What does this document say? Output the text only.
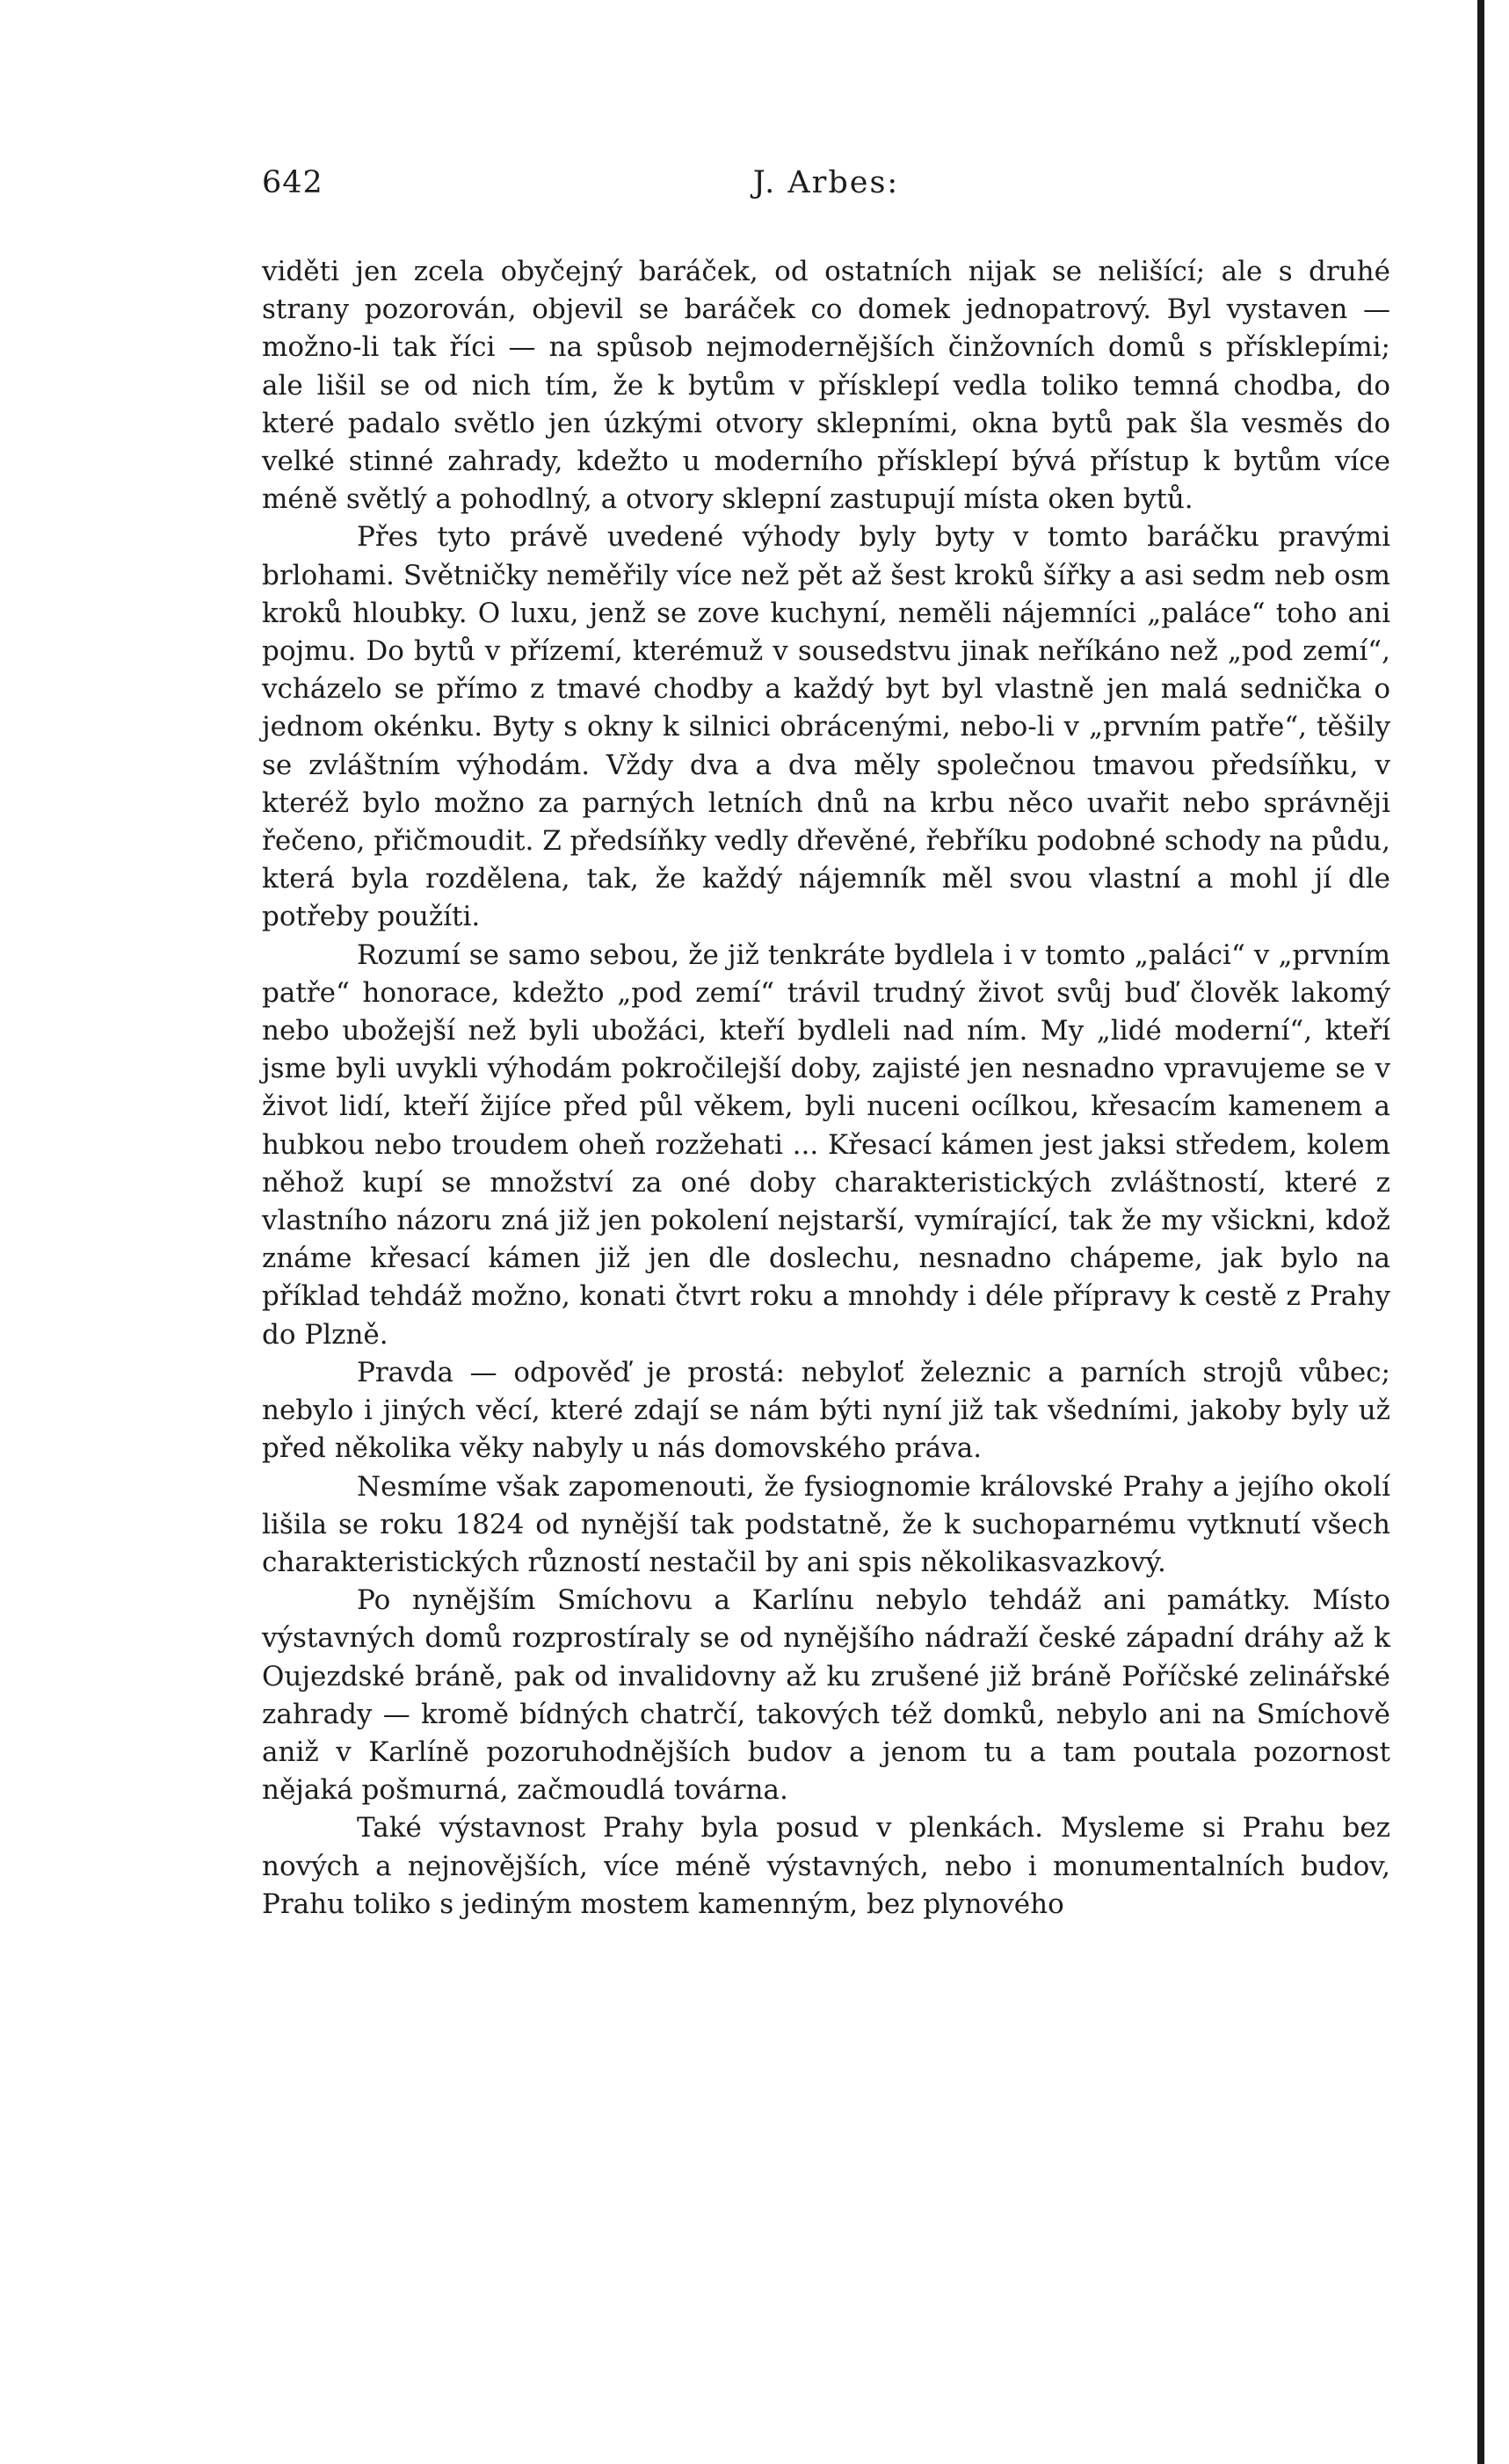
642	J. Arbes:

viděti jen zcela obyčejný baráček, od ostatních nijak se nelišící; ale s druhé strany pozorován, objevil se baráček co domek jednopatrový. Byl vystaven — možno-li tak říci — na spůsob nejmodernějších činžovních domů s přísklepími; ale lišil se od nich tím, že k bytům v přísklepí vedla toliko temná chodba, do které padalo světlo jen úzkými otvory sklepními, okna bytů pak šla vesměs do velké stinné zahrady, kdežto u moderního přísklepí bývá přístup k bytům více méně světlý a pohodlný, a otvory sklepní zastupují místa oken bytů.

Přes tyto právě uvedené výhody byly byty v tomto baráčku pravými brlohami. Světničky neměřily více než pět až šest kroků šířky a asi sedm neb osm kroků hloubky. O luxu, jenž se zove kuchyní, neměli nájemníci „paláce“ toho ani pojmu. Do bytů v přízemí, kterémuž v sousedstvu jinak neříkáno než „pod zemí“, vcházelo se přímo z tmavé chodby a každý byt byl vlastně jen malá sednička o jednom okénku. Byty s okny k silnici obrácenými, nebo-li v „prvním patře“, těšily se zvláštním výhodám. Vždy dva a dva měly společnou tmavou předsíňku, v kteréž bylo možno za parných letních dnů na krbu něco uvařit nebo správněji řečeno, přičmoudit. Z předsíňky vedly dřevěné, řebříku podobné schody na půdu, která byla rozdělena, tak, že každý nájemník měl svou vlastní a mohl jí dle potřeby použíti.

Rozumí se samo sebou, že již tenkráte bydlela i v tomto „paláci“ v „prvním patře“ honorace, kdežto „pod zemí“ trávil trudný život svůj buď člověk lakomý nebo ubožejší než byli ubožáci, kteří bydleli nad ním. My „lidé moderní“, kteří jsme byli uvykli výhodám pokročilejší doby, zajisté jen nesnadno vpravujeme se v život lidí, kteří žijíce před půl věkem, byli nuceni ocílkou, křesacím kamenem a hubkou nebo troudem oheň rozžehati ... Křesací kámen jest jaksi středem, kolem něhož kupí se množství za oné doby charakteristických zvláštností, které z vlastního názoru zná již jen pokolení nejstarší, vymírající, tak že my všickni, kdož známe křesací kámen již jen dle doslechu, nesnadno chápeme, jak bylo na příklad tehdáž možno, konati čtvrt roku a mnohdy i déle přípravy k cestě z Prahy do Plzně.

Pravda — odpověď je prostá: nebyloť železnic a parních strojů vůbec; nebylo i jiných věcí, které zdají se nám býti nyní již tak všedními, jakoby byly už před několika věky nabyly u nás domovského práva.

Nesmíme však zapomenouti, že fysiognomie královské Prahy a jejího okolí lišila se roku 1824 od nynější tak podstatně, že k suchoparnému vytknutí všech charakteristických růzností nestačil by ani spis několikasvazkový.

Po nynějším Smíchovu a Karlínu nebylo tehdáž ani památky. Místo výstavných domů rozprostíraly se od nynějšího nádraží české západní dráhy až k Oujezdské bráně, pak od invalidovny až ku zrušené již bráně Poříčské zelinářské zahrady — kromě bídných chatrčí, takových též domků, nebylo ani na Smíchově aniž v Karlíně pozoruhodnějších budov a jenom tu a tam poutala pozornost nějaká pošmurná, začmoudlá továrna.

Také výstavnost Prahy byla posud v plenkách. Mysleme si Prahu bez nových a nejnovějších, více méně výstavných, nebo i monumentalních budov, Prahu toliko s jediným mostem kamenným, bez plynového
